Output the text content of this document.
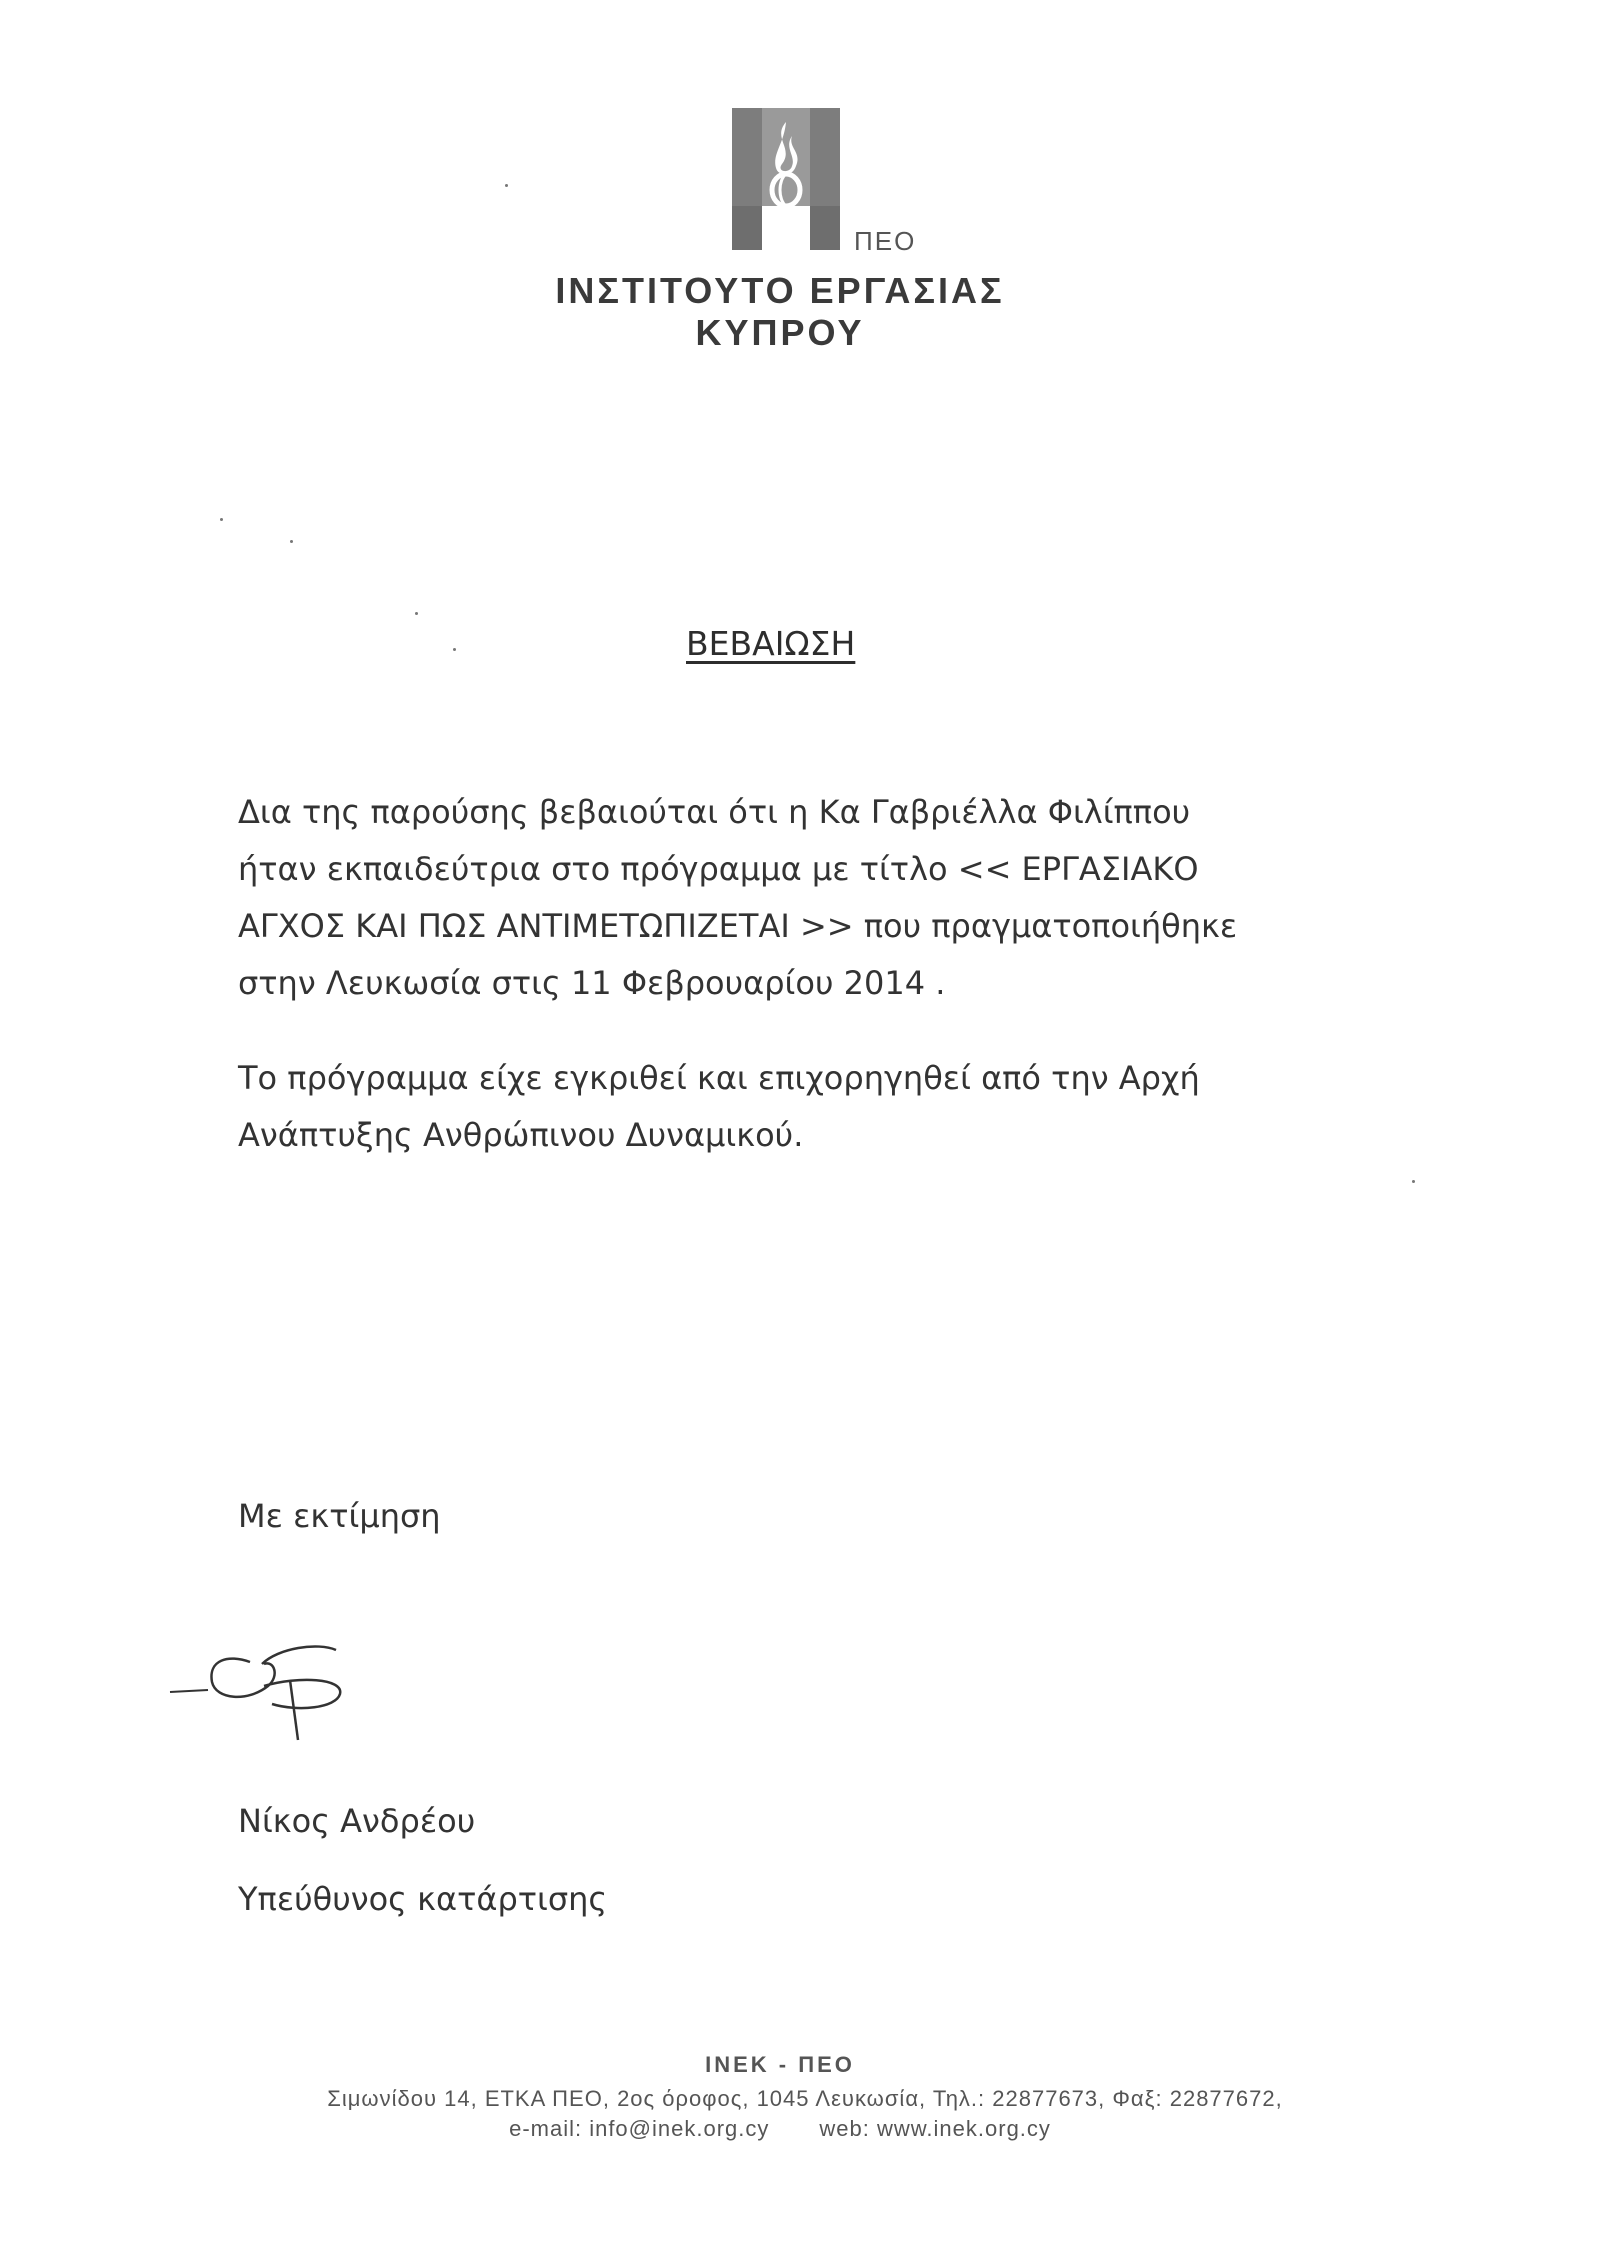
ΠΕΟ
ΙΝΣΤΙΤΟΥΤΟ ΕΡΓΑΣΙΑΣ
ΚΥΠΡΟΥ
ΒΕΒΑΙΩΣΗ
Δια της παρούσης βεβαιούται ότι η Κα Γαβριέλλα Φιλίππου
ήταν εκπαιδεύτρια στο πρόγραμμα με τίτλο << ΕΡΓΑΣΙΑΚΟ
ΑΓΧΟΣ ΚΑΙ ΠΩΣ ΑΝΤΙΜΕΤΩΠΙΖΕΤΑΙ >> που πραγματοποιήθηκε
στην Λευκωσία στις 11 Φεβρουαρίου 2014 .
Το πρόγραμμα είχε εγκριθεί και επιχορηγηθεί από την Αρχή
Ανάπτυξης Ανθρώπινου Δυναμικού.
Με εκτίμηση
Νίκος Ανδρέου
Υπεύθυνος κατάρτισης
ΙΝΕΚ - ΠΕΟ
Σιμωνίδου 14, ΕΤΚΑ ΠΕΟ, 2ος όροφος, 1045 Λευκωσία, Τηλ.: 22877673, Φαξ: 22877672,
e-mail: info@inek.org.cy web: www.inek.org.cy
